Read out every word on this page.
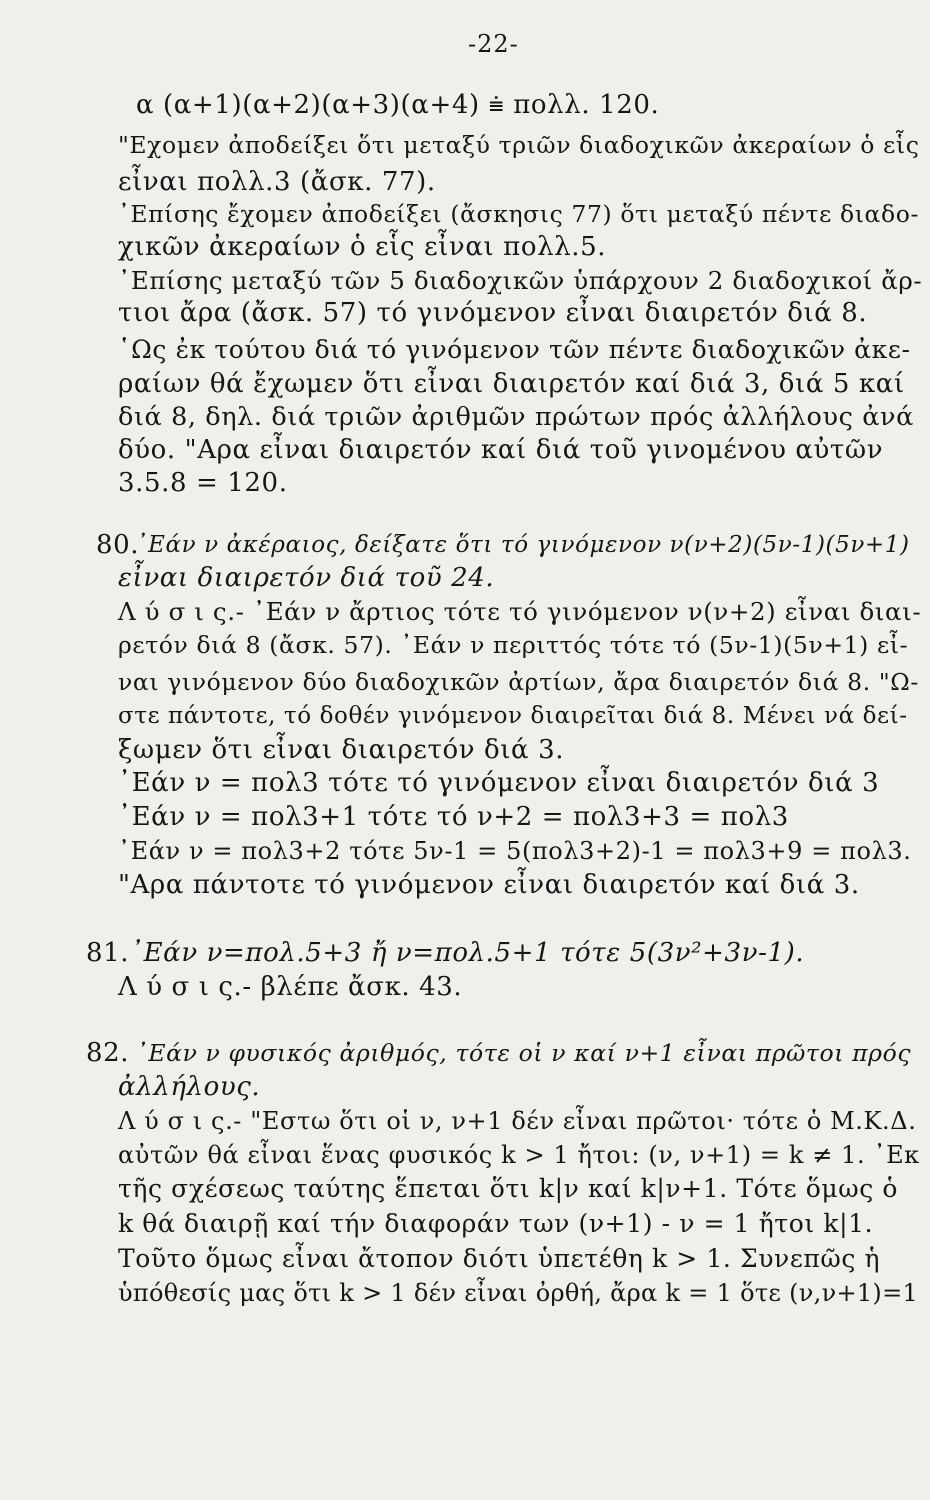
-22-
α (α+1)(α+2)(α+3)(α+4) ⩧ πολλ. 120.
"Εχομεν ἀποδείξει ὅτι μεταξύ τριῶν διαδοχικῶν ἀκεραίων ὁ εἷς
εἶναι πολλ.3 (ἄσκ. 77).
᾿Επίσης ἔχομεν ἀποδείξει (ἄσκησις 77) ὅτι μεταξύ πέντε διαδο-
χικῶν ἀκεραίων ὁ εἷς εἶναι πολλ.5.
᾿Επίσης μεταξύ τῶν 5 διαδοχικῶν ὑπάρχουν 2 διαδοχικοί ἄρ-
τιοι ἄρα (ἄσκ. 57) τό γινόμενον εἶναι διαιρετόν διά 8.
῾Ως ἐκ τούτου διά τό γινόμενον τῶν πέντε διαδοχικῶν ἀκε-
ραίων θά ἔχωμεν ὅτι εἶναι διαιρετόν καί διά 3, διά 5 καί
διά 8, δηλ. διά τριῶν ἀριθμῶν πρώτων πρός ἀλλήλους ἀνά
δύο. "Αρα εἶναι διαιρετόν καί διά τοῦ γινομένου αὐτῶν
3.5.8 = 120.
80.
᾿Εάν ν ἀκέραιος, δείξατε ὅτι τό γινόμενον ν(ν+2)(5ν-1)(5ν+1)
εἶναι διαιρετόν διά τοῦ 24.
Λ ύ σ ι ς.- ᾿Εάν ν ἄρτιος τότε τό γινόμενον ν(ν+2) εἶναι διαι-
ρετόν διά 8 (ἄσκ. 57). ᾿Εάν ν περιττός τότε τό (5ν-1)(5ν+1) εἶ-
ναι γινόμενον δύο διαδοχικῶν ἀρτίων, ἄρα διαιρετόν διά 8. "Ω-
στε πάντοτε, τό δοθέν γινόμενον διαιρεῖται διά 8. Μένει νά δεί-
ξωμεν ὅτι εἶναι διαιρετόν διά 3.
᾿Εάν ν = πολ3 τότε τό γινόμενον εἶναι διαιρετόν διά 3
᾿Εάν ν = πολ3+1 τότε τό ν+2 = πολ3+3 = πολ3
᾿Εάν ν = πολ3+2 τότε 5ν-1 = 5(πολ3+2)-1 = πολ3+9 = πολ3.
"Αρα πάντοτε τό γινόμενον εἶναι διαιρετόν καί διά 3.
81. ᾿Εάν ν=πολ.5+3 ἤ ν=πολ.5+1 τότε 5(3ν²+3ν-1).
Λ ύ σ ι ς.- βλέπε ἄσκ. 43.
82. ᾿Εάν ν φυσικός ἀριθμός, τότε οἱ ν καί ν+1 εἶναι πρῶτοι πρός
ἀλλήλους.
Λ ύ σ ι ς.- "Εστω ὅτι οἱ ν, ν+1 δέν εἶναι πρῶτοι· τότε ὁ Μ.Κ.Δ.
αὐτῶν θά εἶναι ἕνας φυσικός k > 1 ἤτοι: (ν, ν+1) = k ≠ 1. ᾿Εκ
τῆς σχέσεως ταύτης ἕπεται ὅτι k|ν καί k|ν+1. Τότε ὅμως ὁ
k θά διαιρῇ καί τήν διαφοράν των (ν+1) - ν = 1 ἤτοι k|1.
Τοῦτο ὅμως εἶναι ἄτοπον διότι ὑπετέθη k > 1. Συνεπῶς ἡ
ὑπόθεσίς μας ὅτι k > 1 δέν εἶναι ὀρθή, ἄρα k = 1 ὅτε (ν,ν+1)=1
